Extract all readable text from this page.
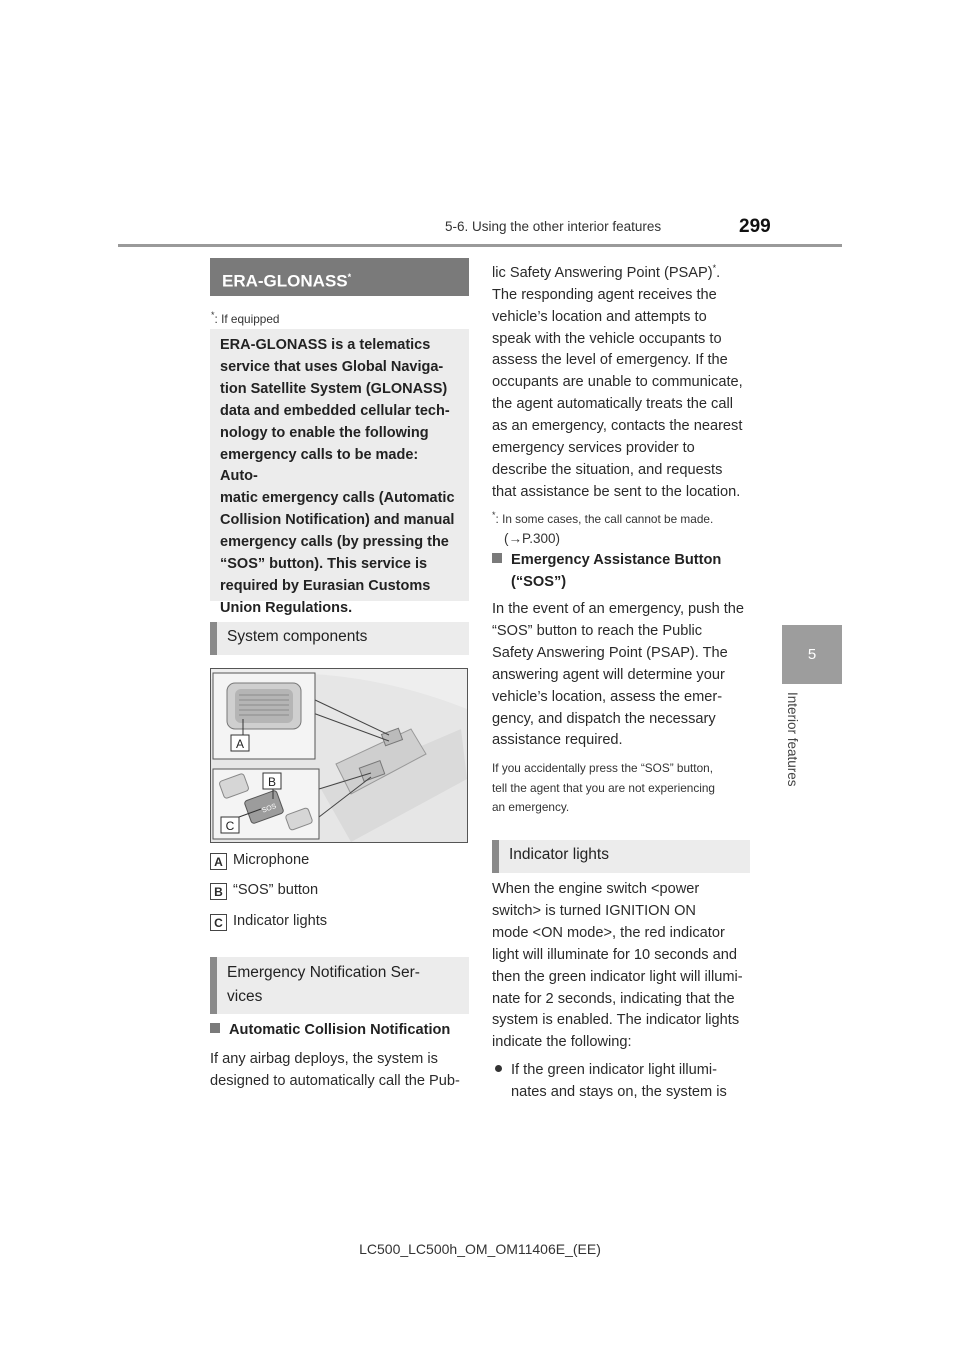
5-6. Using the other interior features	299
5
Interior features
ERA-GLONASS*
*: If equipped

ERA-GLONASS is a telematics

service that uses Global Naviga-

tion Satellite System (GLONASS)

data and embedded cellular tech-

nology to enable the following

emergency calls to be made: Auto-

matic emergency calls (Automatic

Collision Notification) and manual

emergency calls (by pressing the

“SOS” button). This service is

required by Eurasian Customs

Union Regulations.

System components
A
SOS
B
C
A Microphone
B “SOS” button
C Indicator lights
Emergency Notification Ser-
vices
Automatic Collision Notification

If any airbag deploys, the system is

designed to automatically call the Pub-

lic Safety Answering Point (PSAP)*.

The responding agent receives the

vehicle’s location and attempts to

speak with the vehicle occupants to

assess the level of emergency. If the

occupants are unable to communicate,

the agent automatically treats the call

as an emergency, contacts the nearest

emergency services provider to

describe the situation, and requests

that assistance be sent to the location.

*: In some cases, the call cannot be made.
(→P.300)
Emergency Assistance Button
(“SOS”)

In the event of an emergency, push the

“SOS” button to reach the Public

Safety Answering Point (PSAP). The

answering agent will determine your

vehicle’s location, assess the emer-

gency, and dispatch the necessary

assistance required.

If you accidentally press the “SOS” button,

tell the agent that you are not experiencing

an emergency.

Indicator lights

When the engine switch <power

switch> is turned IGNITION ON

mode <ON mode>, the red indicator

light will illuminate for 10 seconds and

then the green indicator light will illumi-

nate for 2 seconds, indicating that the

system is enabled. The indicator lights

indicate the following:

If the green indicator light illumi-

nates and stays on, the system is

LC500_LC500h_OM_OM11406E_(EE)
